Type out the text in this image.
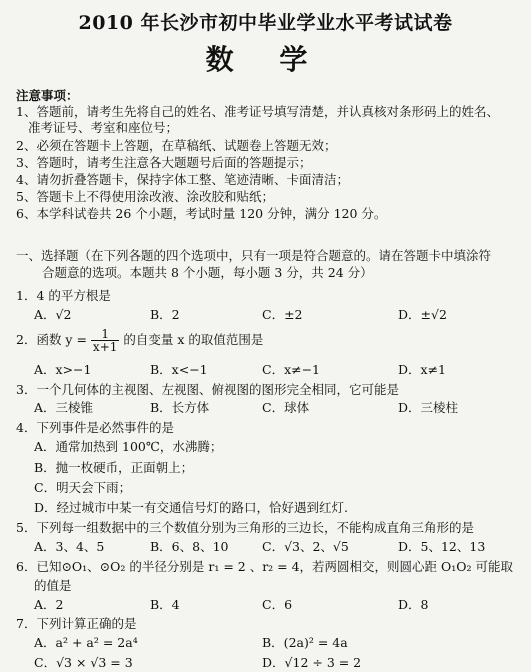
2010 年长沙市初中毕业学业水平考试试卷
数 学
注意事项：
1、答题前，请考生先将自己的姓名、准考证号填写清楚，并认真核对条形码上的姓名、
准考证号、考室和座位号；
2、必须在答题卡上答题，在草稿纸、试题卷上答题无效；
3、答题时，请考生注意各大题题号后面的答题提示；
4、请勿折叠答题卡，保持字体工整、笔迹清晰、卡面清洁；
5、答题卡上不得使用涂改液、涂改胶和贴纸；
6、本学科试卷共 26 个小题，考试时量 120 分钟，满分 120 分。
一、选择题（在下列各题的四个选项中，只有一项是符合题意的。请在答题卡中填涂符
合题意的选项。本题共 8 个小题，每小题 3 分，共 24 分）
1．4 的平方根是
A．√2	B．2	C．±2	D．±√2
2．函数 $y = \frac{1}{x+1}$ 的自变量 x 的取值范围是
A．x>−1	B．x<−1	C．x≠−1	D．x≠1
3．一个几何体的主视图、左视图、俯视图的图形完全相同，它可能是
A．三棱锥	B．长方体	C．球体	D．三棱柱
4．下列事件是必然事件的是
A．通常加热到 100℃，水沸腾；
B．抛一枚硬币，正面朝上；
C．明天会下雨；
D．经过城市中某一有交通信号灯的路口，恰好遇到红灯.
5．下列每一组数据中的三个数值分别为三角形的三边长，不能构成直角三角形的是
A．3、4、5	B．6、8、10	C．√3、2、√5	D．5、12、13
6．已知⊙O₁、⊙O₂ 的半径分别是 r₁ = 2 、r₂ = 4，若两圆相交，则圆心距 O₁O₂ 可能取
的值是
A．2	B．4	C．6	D．8
7．下列计算正确的是
A．a² + a² = 2a⁴	B．(2a)² = 4a
C．√3 × √3 = 3	D．√12 ÷ 3 = 2
